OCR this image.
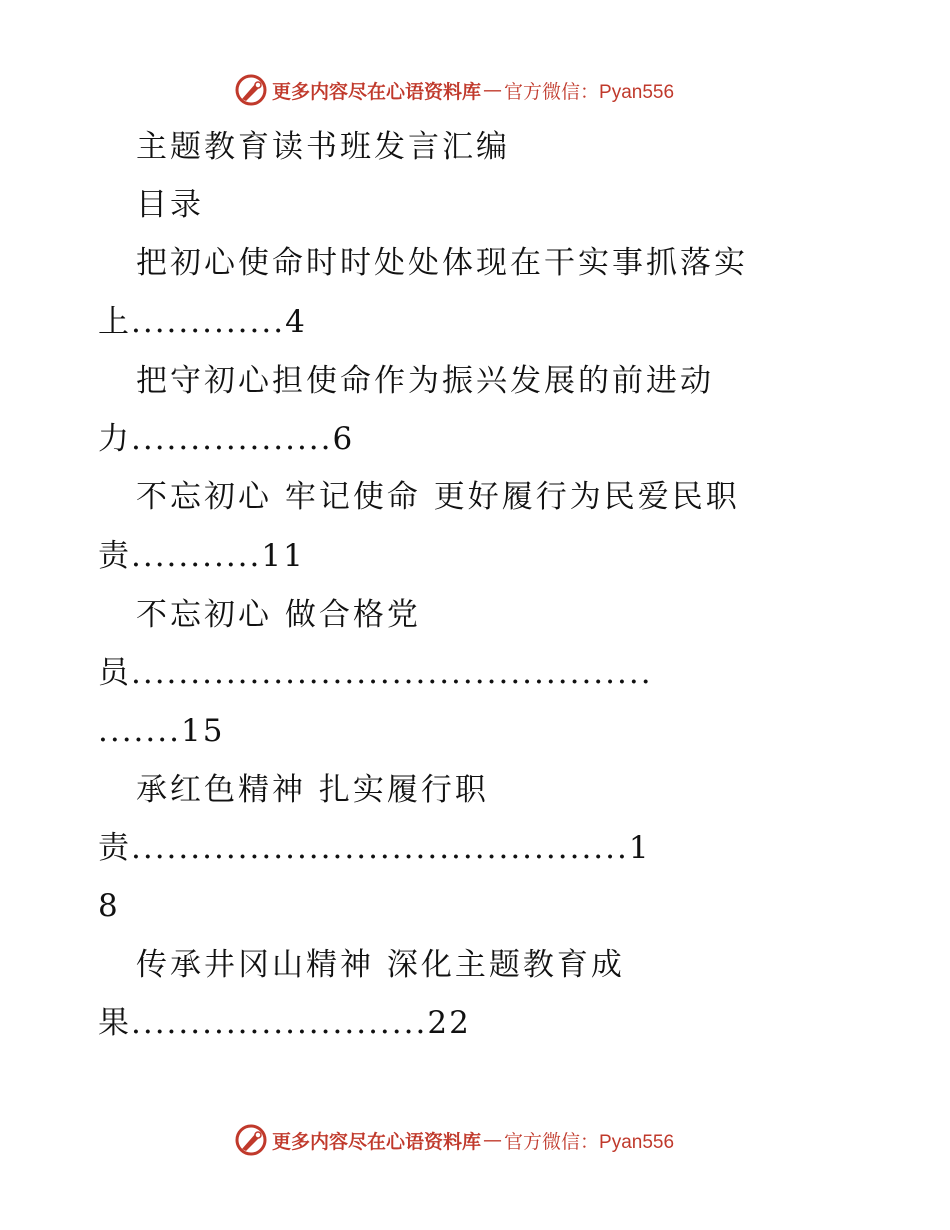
更多内容尽在心语资料库 — 官方微信：Pyan556
主题教育读书班发言汇编
目录
把初心使命时时处处体现在干实事抓落实
上.............4
把守初心担使命作为振兴发展的前进动
力.................6
不忘初心 牢记使命 更好履行为民爱民职
责...........11
不忘初心 做合格党
员............................................
.......15
承红色精神 扎实履行职
责..........................................1
8
传承井冈山精神 深化主题教育成
果.........................22
更多内容尽在心语资料库 — 官方微信：Pyan556
